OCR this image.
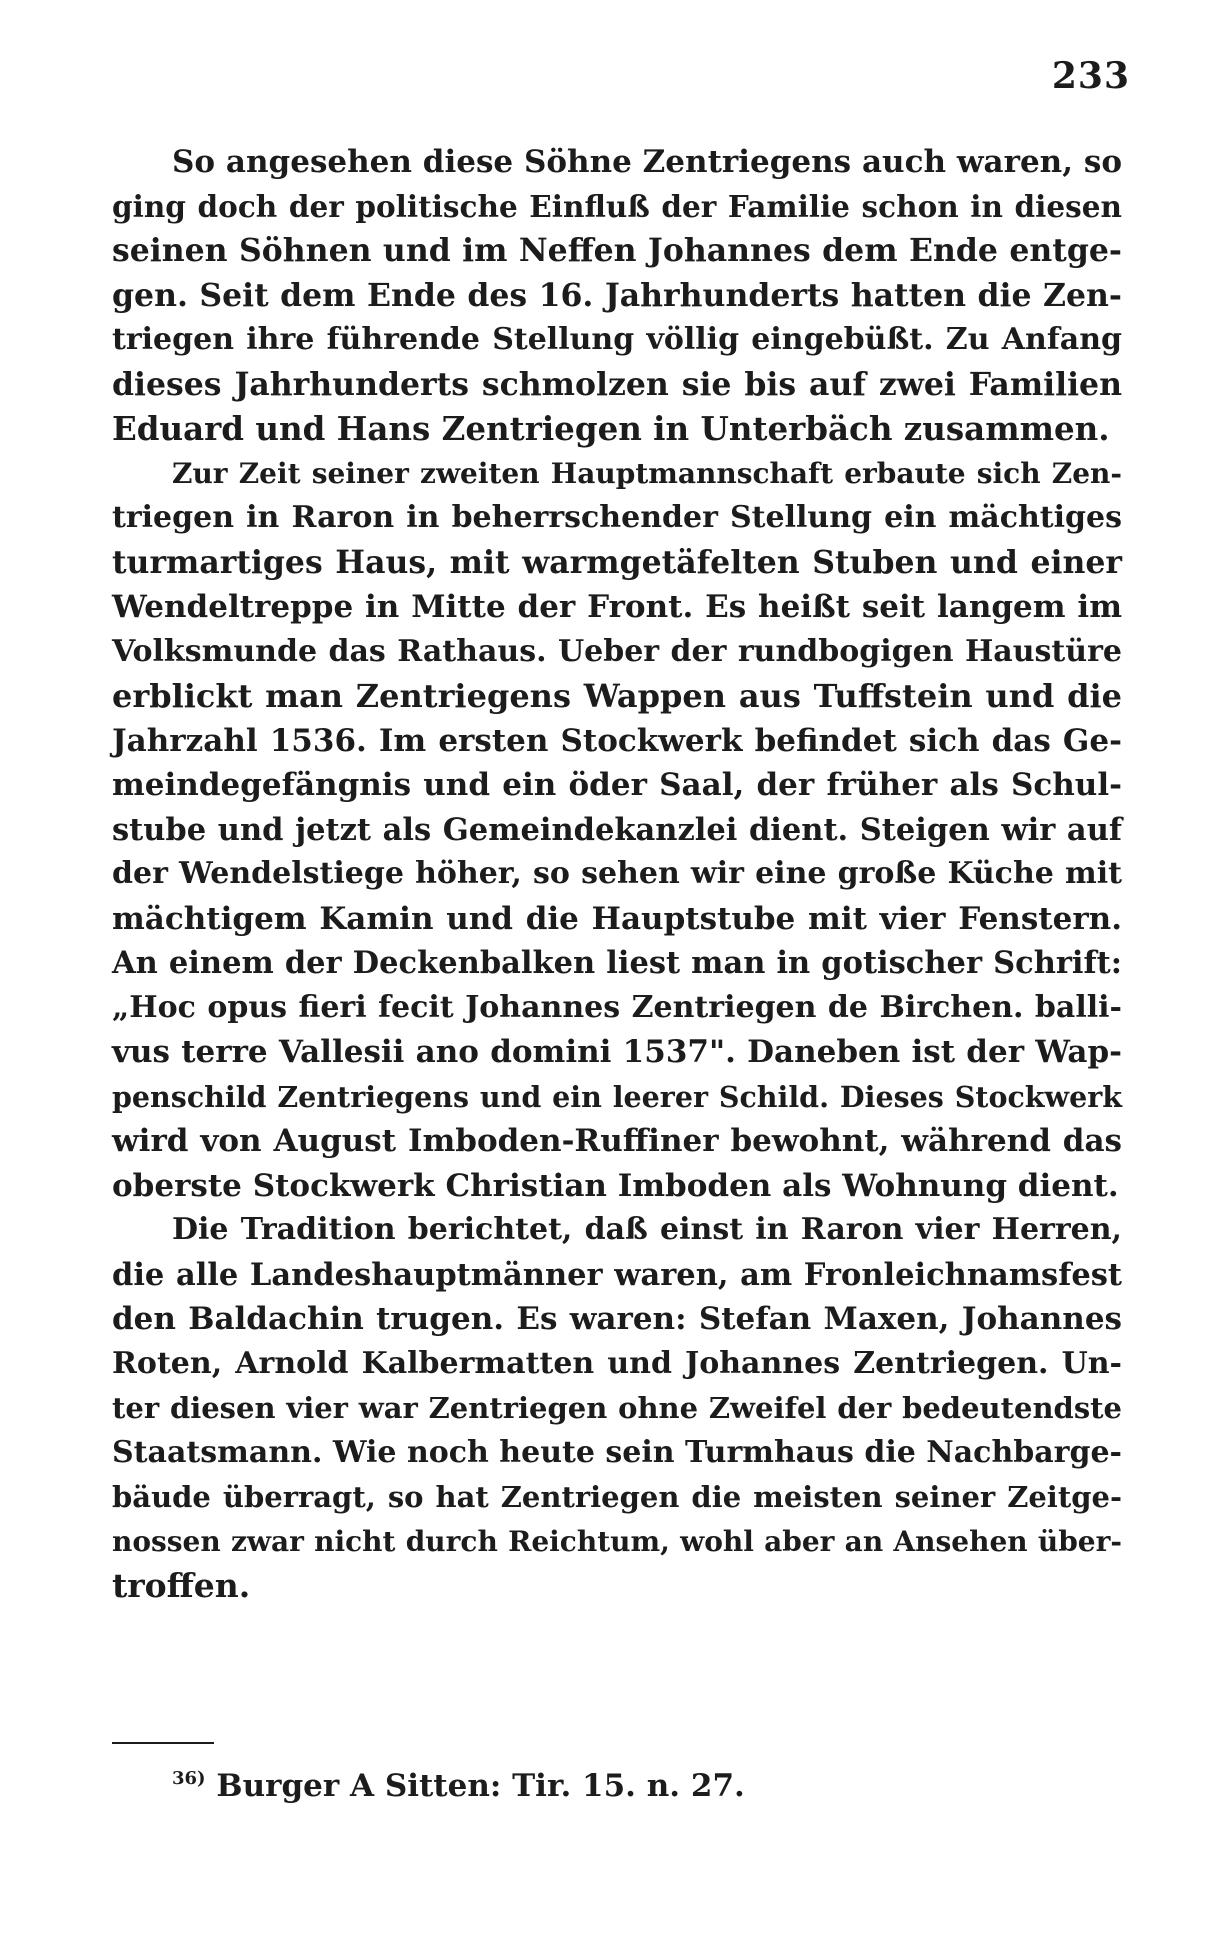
233
So angesehen diese Söhne Zentriegens auch waren, so
ging doch der politische Einfluß der Familie schon in diesen
seinen Söhnen und im Neffen Johannes dem Ende entge-
gen. Seit dem Ende des 16. Jahrhunderts hatten die Zen-
triegen ihre führende Stellung völlig eingebüßt. Zu Anfang
dieses Jahrhunderts schmolzen sie bis auf zwei Familien
Eduard und Hans Zentriegen in Unterbäch zusammen.
Zur Zeit seiner zweiten Hauptmannschaft erbaute sich Zen-
triegen in Raron in beherrschender Stellung ein mächtiges
turmartiges Haus, mit warmgetäfelten Stuben und einer
Wendeltreppe in Mitte der Front. Es heißt seit langem im
Volksmunde das Rathaus. Ueber der rundbogigen Haustüre
erblickt man Zentriegens Wappen aus Tuffstein und die
Jahrzahl 1536. Im ersten Stockwerk befindet sich das Ge-
meindegefängnis und ein öder Saal, der früher als Schul-
stube und jetzt als Gemeindekanzlei dient. Steigen wir auf
der Wendelstiege höher, so sehen wir eine große Küche mit
mächtigem Kamin und die Hauptstube mit vier Fenstern.
An einem der Deckenbalken liest man in gotischer Schrift:
„Hoc opus fieri fecit Johannes Zentriegen de Birchen. balli-
vus terre Vallesii ano domini 1537". Daneben ist der Wap-
penschild Zentriegens und ein leerer Schild. Dieses Stockwerk
wird von August Imboden-Ruffiner bewohnt, während das
oberste Stockwerk Christian Imboden als Wohnung dient.
Die Tradition berichtet, daß einst in Raron vier Herren,
die alle Landeshauptmänner waren, am Fronleichnamsfest
den Baldachin trugen. Es waren: Stefan Maxen, Johannes
Roten, Arnold Kalbermatten und Johannes Zentriegen. Un-
ter diesen vier war Zentriegen ohne Zweifel der bedeutendste
Staatsmann. Wie noch heute sein Turmhaus die Nachbarge-
bäude überragt, so hat Zentriegen die meisten seiner Zeitge-
nossen zwar nicht durch Reichtum, wohl aber an Ansehen über-
troffen.
$^{36)}$ Burger A Sitten: Tir. 15. n. 27.
